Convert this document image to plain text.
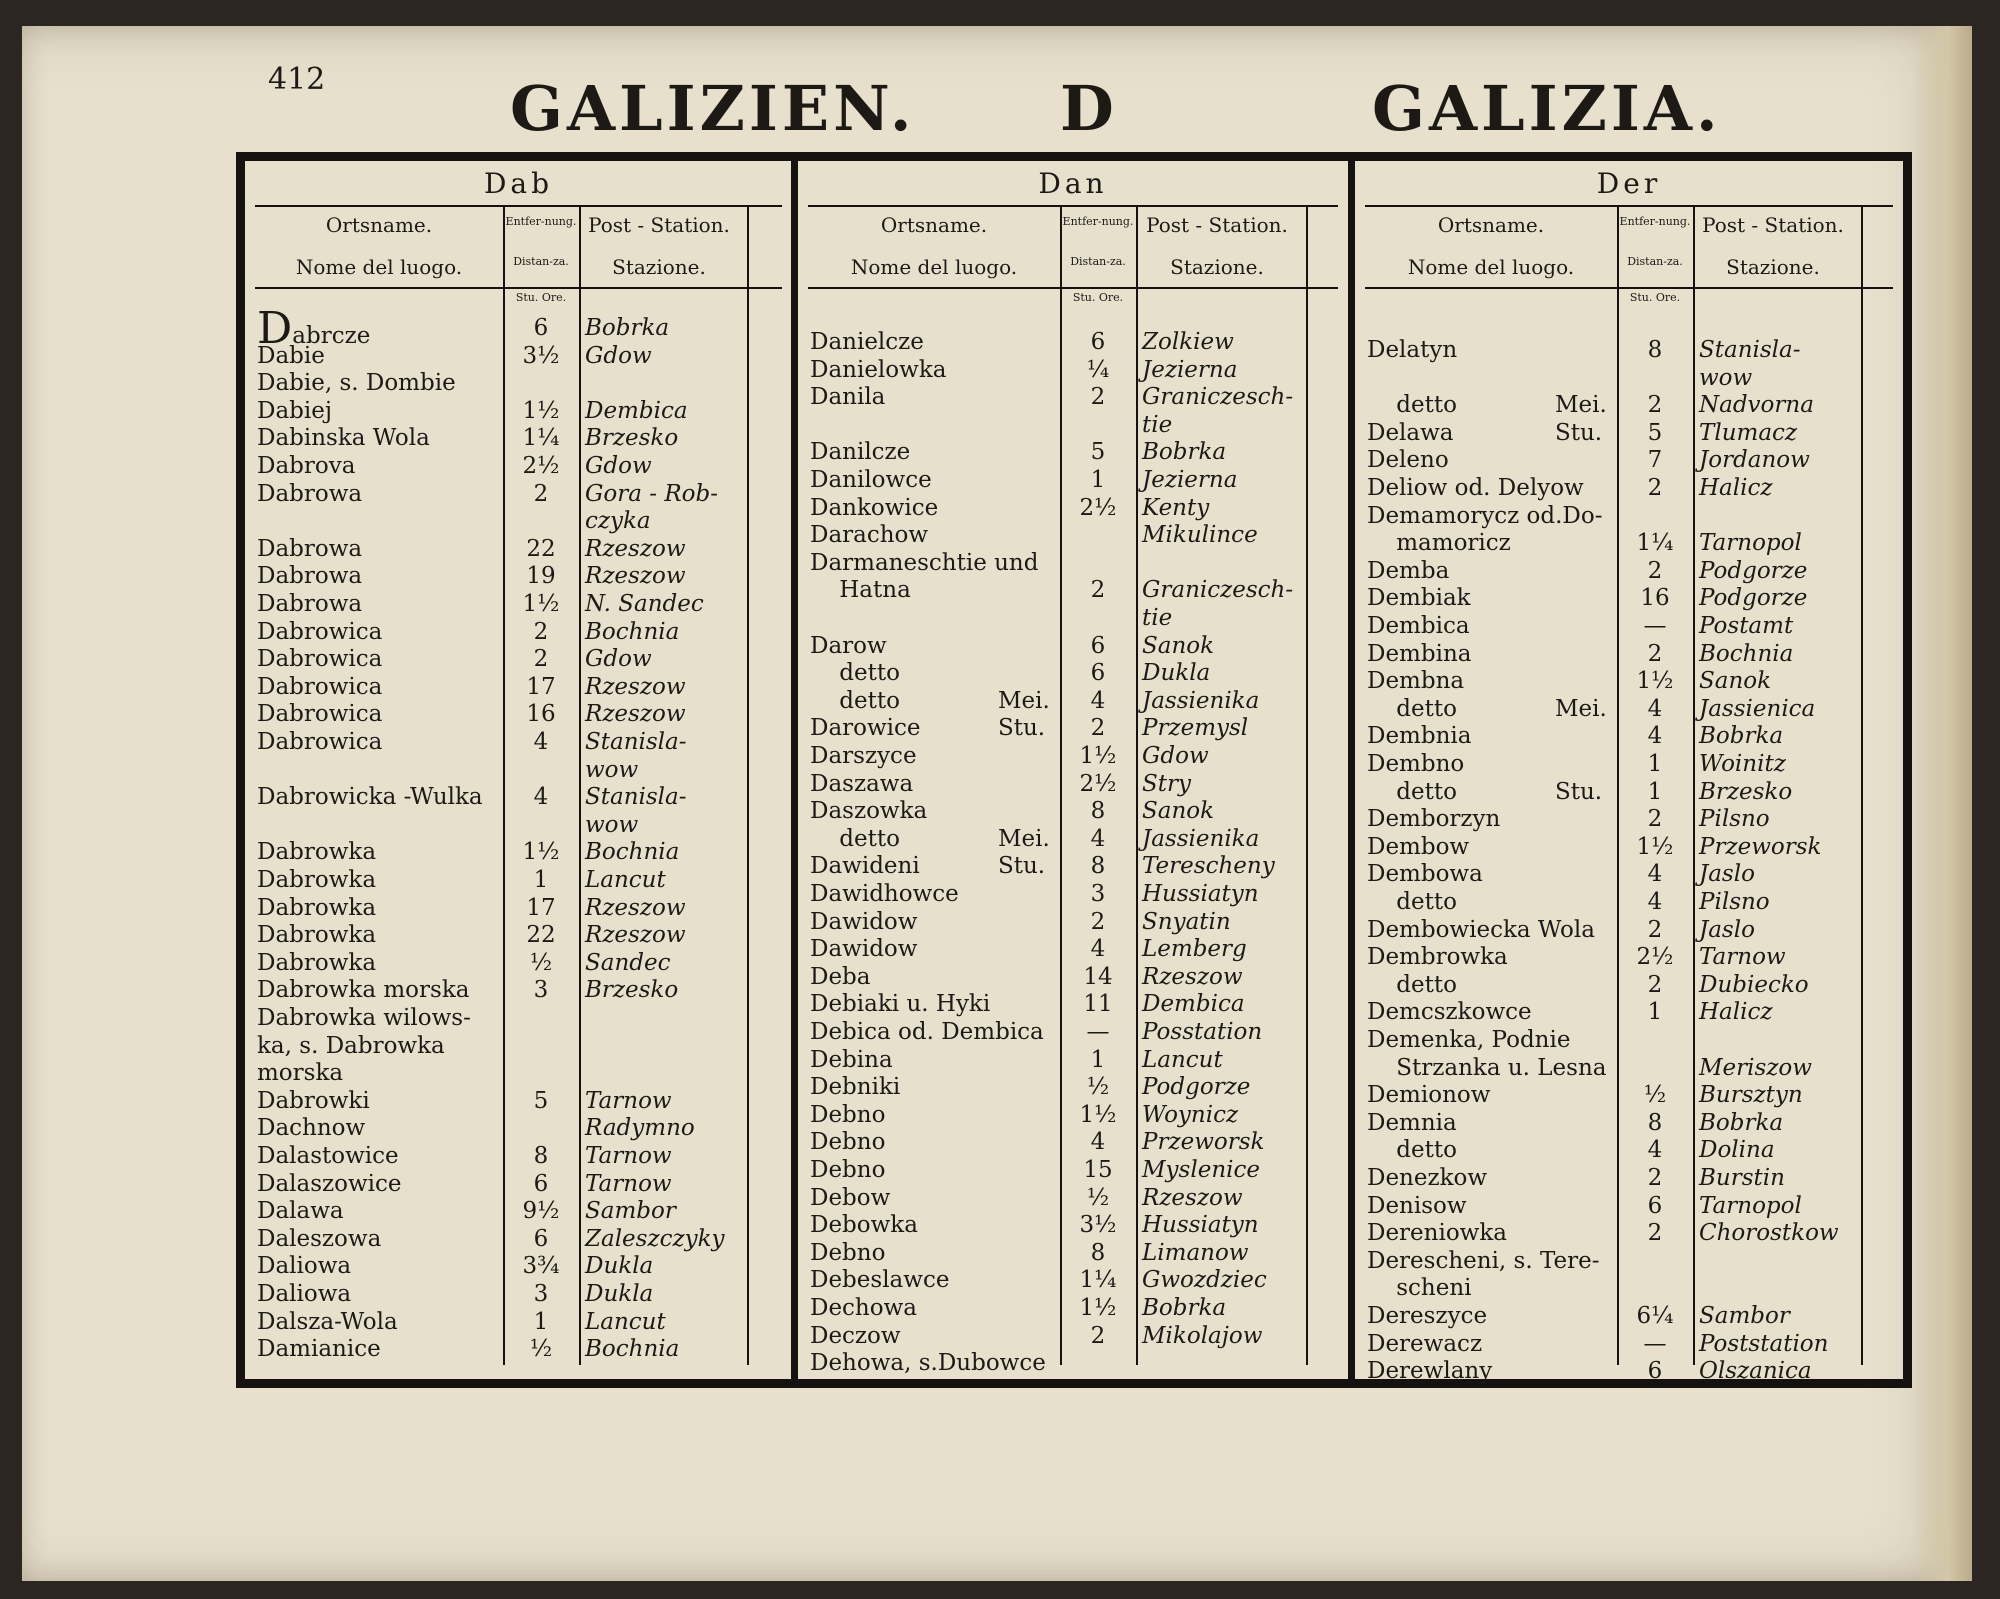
412	GALIZIEN. D	GALIZIA.
Dab
Ortsname.
Nome del luogo.
Entfer-nung.
Distan-za.
Post - Station.
Stazione.
Stu. Ore.
Dabrcze	6	Bobrka
Dabie	3½	Gdow
Dabie, s. Dombie
Dabiej	1½	Dembica
Dabinska Wola	1¼	Brzesko
Dabrova	2½	Gdow
Dabrowa	2	Gora - Rob-
czyka
Dabrowa	22	Rzeszow
Dabrowa	19	Rzeszow
Dabrowa	1½	N. Sandec
Dabrowica	2	Bochnia
Dabrowica	2	Gdow
Dabrowica	17	Rzeszow
Dabrowica	16	Rzeszow
Dabrowica	4	Stanisla-
wow
Dabrowicka -Wulka	4	Stanisla-
wow
Dabrowka	1½	Bochnia
Dabrowka	1	Lancut
Dabrowka	17	Rzeszow
Dabrowka	22	Rzeszow
Dabrowka	½	Sandec
Dabrowka morska	3	Brzesko
Dabrowka wilows-
ka, s. Dabrowka
morska
Dabrowki	5	Tarnow
Dachnow	Radymno
Dalastowice	8	Tarnow
Dalaszowice	6	Tarnow
Dalawa	9½	Sambor
Daleszowa	6	Zaleszczyky
Daliowa	3¾	Dukla
Daliowa	3	Dukla
Dalsza-Wola	1	Lancut
Damianice	½	Bochnia
Dan
Ortsname.
Nome del luogo.
Entfer-nung.
Distan-za.
Post - Station.
Stazione.
Stu. Ore.
Danielcze	6	Zolkiew
Danielowka	¼	Jezierna
Danila	2	Graniczesch-
tie
Danilcze	5	Bobrka
Danilowce	1	Jezierna
Dankowice	2½	Kenty
Darachow	Mikulince
Darmaneschtie und
Hatna	2	Graniczesch-
tie
Darow	6	Sanok
detto	6	Dukla
detto	Mei.	4	Jassienika
Darowice	Stu.	2	Przemysl
Darszyce	1½	Gdow
Daszawa	2½	Stry
Daszowka	8	Sanok
detto	Mei.	4	Jassienika
Dawideni	Stu.	8	Terescheny
Dawidhowce	3	Hussiatyn
Dawidow	2	Snyatin
Dawidow	4	Lemberg
Deba	14	Rzeszow
Debiaki u. Hyki	11	Dembica
Debica od. Dembica	—	Posstation
Debina	1	Lancut
Debniki	½	Podgorze
Debno	1½	Woynicz
Debno	4	Przeworsk
Debno	15	Myslenice
Debow	½	Rzeszow
Debowka	3½	Hussiatyn
Debno	8	Limanow
Debeslawce	1¼	Gwozdziec
Dechowa	1½	Bobrka
Deczow	2	Mikolajow
Dehowa, s.Dubowce
Der
Ortsname.
Nome del luogo.
Entfer-nung.
Distan-za.
Post - Station.
Stazione.
Stu. Ore.
Delatyn	8	Stanisla-
wow
detto	Mei.	2	Nadvorna
Delawa	Stu.	5	Tlumacz
Deleno	7	Jordanow
Deliow od. Delyow	2	Halicz
Demamorycz od.Do-
mamoricz	1¼	Tarnopol
Demba	2	Podgorze
Dembiak	16	Podgorze
Dembica	—	Postamt
Dembina	2	Bochnia
Dembna	1½	Sanok
detto	Mei.	4	Jassienica
Dembnia	4	Bobrka
Dembno	1	Woinitz
detto	Stu.	1	Brzesko
Demborzyn	2	Pilsno
Dembow	1½	Przeworsk
Dembowa	4	Jaslo
detto	4	Pilsno
Dembowiecka Wola	2	Jaslo
Dembrowka	2½	Tarnow
detto	2	Dubiecko
Demcszkowce	1	Halicz
Demenka, Podnie
Strzanka u. Lesna	Meriszow
Demionow	½	Bursztyn
Demnia	8	Bobrka
detto	4	Dolina
Denezkow	2	Burstin
Denisow	6	Tarnopol
Dereniowka	2	Chorostkow
Derescheni, s. Tere-
scheni
Dereszyce	6¼	Sambor
Derewacz	—	Poststation
Derewlany	6	Olszanica
